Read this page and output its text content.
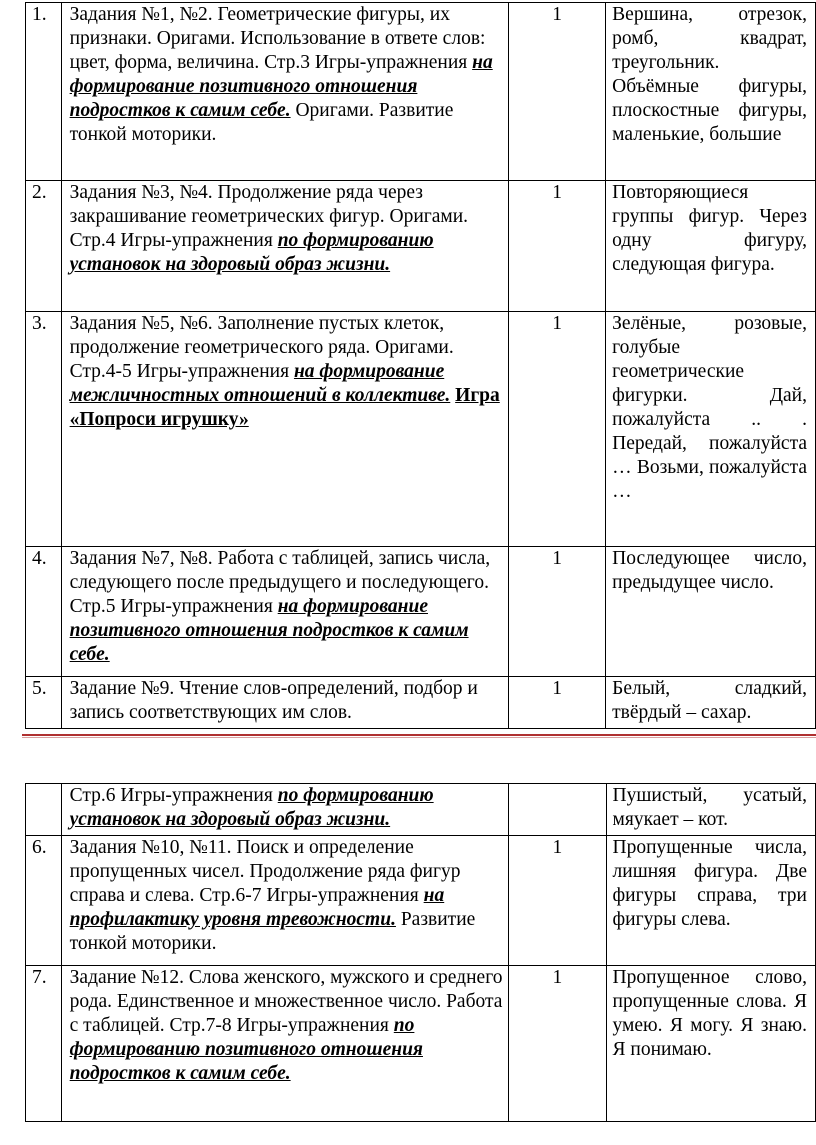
1.	Задания №1, №2. Геометрические фигуры, их признаки. Оригами. Использование в ответе слов: цвет, форма, величина. Стр.3 Игры-упражнения на формирование позитивного отношения подростков к самим себе. Оригами. Развитие тонкой моторики.	1	Вершина, отрезок, ромб, квадрат, треугольник. Объёмные фигуры, плоскостные фигуры, маленькие, большие
2.	Задания №3, №4. Продолжение ряда через закрашивание геометрических фигур. Оригами. Стр.4 Игры-упражнения по формированию установок на здоровый образ жизни.	1	Повторяющиеся группы фигур. Через одну фигуру, следующая фигура.
3.	Задания №5, №6. Заполнение пустых клеток, продолжение геометрического ряда. Оригами. Стр.4-5 Игры-упражнения на формирование межличностных отношений в коллективе. Игра «Попроси игрушку»	1	Зелёные, розовые, голубые геометрические фигурки. Дай, пожалуйста .. . Передай, пожалуйста … Возьми, пожалуйста …
4.	Задания №7, №8. Работа с таблицей, запись числа, следующего после предыдущего и последующего. Стр.5 Игры-упражнения на формирование позитивного отношения подростков к самим себе.	1	Последующее число, предыдущее число.
5.	Задание №9. Чтение слов-определений, подбор и запись соответствующих им слов.	1	Белый, сладкий, твёрдый – сахар.
	Стр.6 Игры-упражнения по формированию установок на здоровый образ жизни.		Пушистый, усатый, мяукает – кот.
6.	Задания №10, №11. Поиск и определение пропущенных чисел. Продолжение ряда фигур справа и слева. Стр.6-7 Игры-упражнения на профилактику уровня тревожности. Развитие тонкой моторики.	1	Пропущенные числа, лишняя фигура. Две фигуры справа, три фигуры слева.
7.	Задание №12. Слова женского, мужского и среднего рода. Единственное и множественное число. Работа с таблицей. Стр.7-8 Игры-упражнения по формированию позитивного отношения подростков к самим себе.	1	Пропущенное слово, пропущенные слова. Я умею. Я могу. Я знаю. Я понимаю.
